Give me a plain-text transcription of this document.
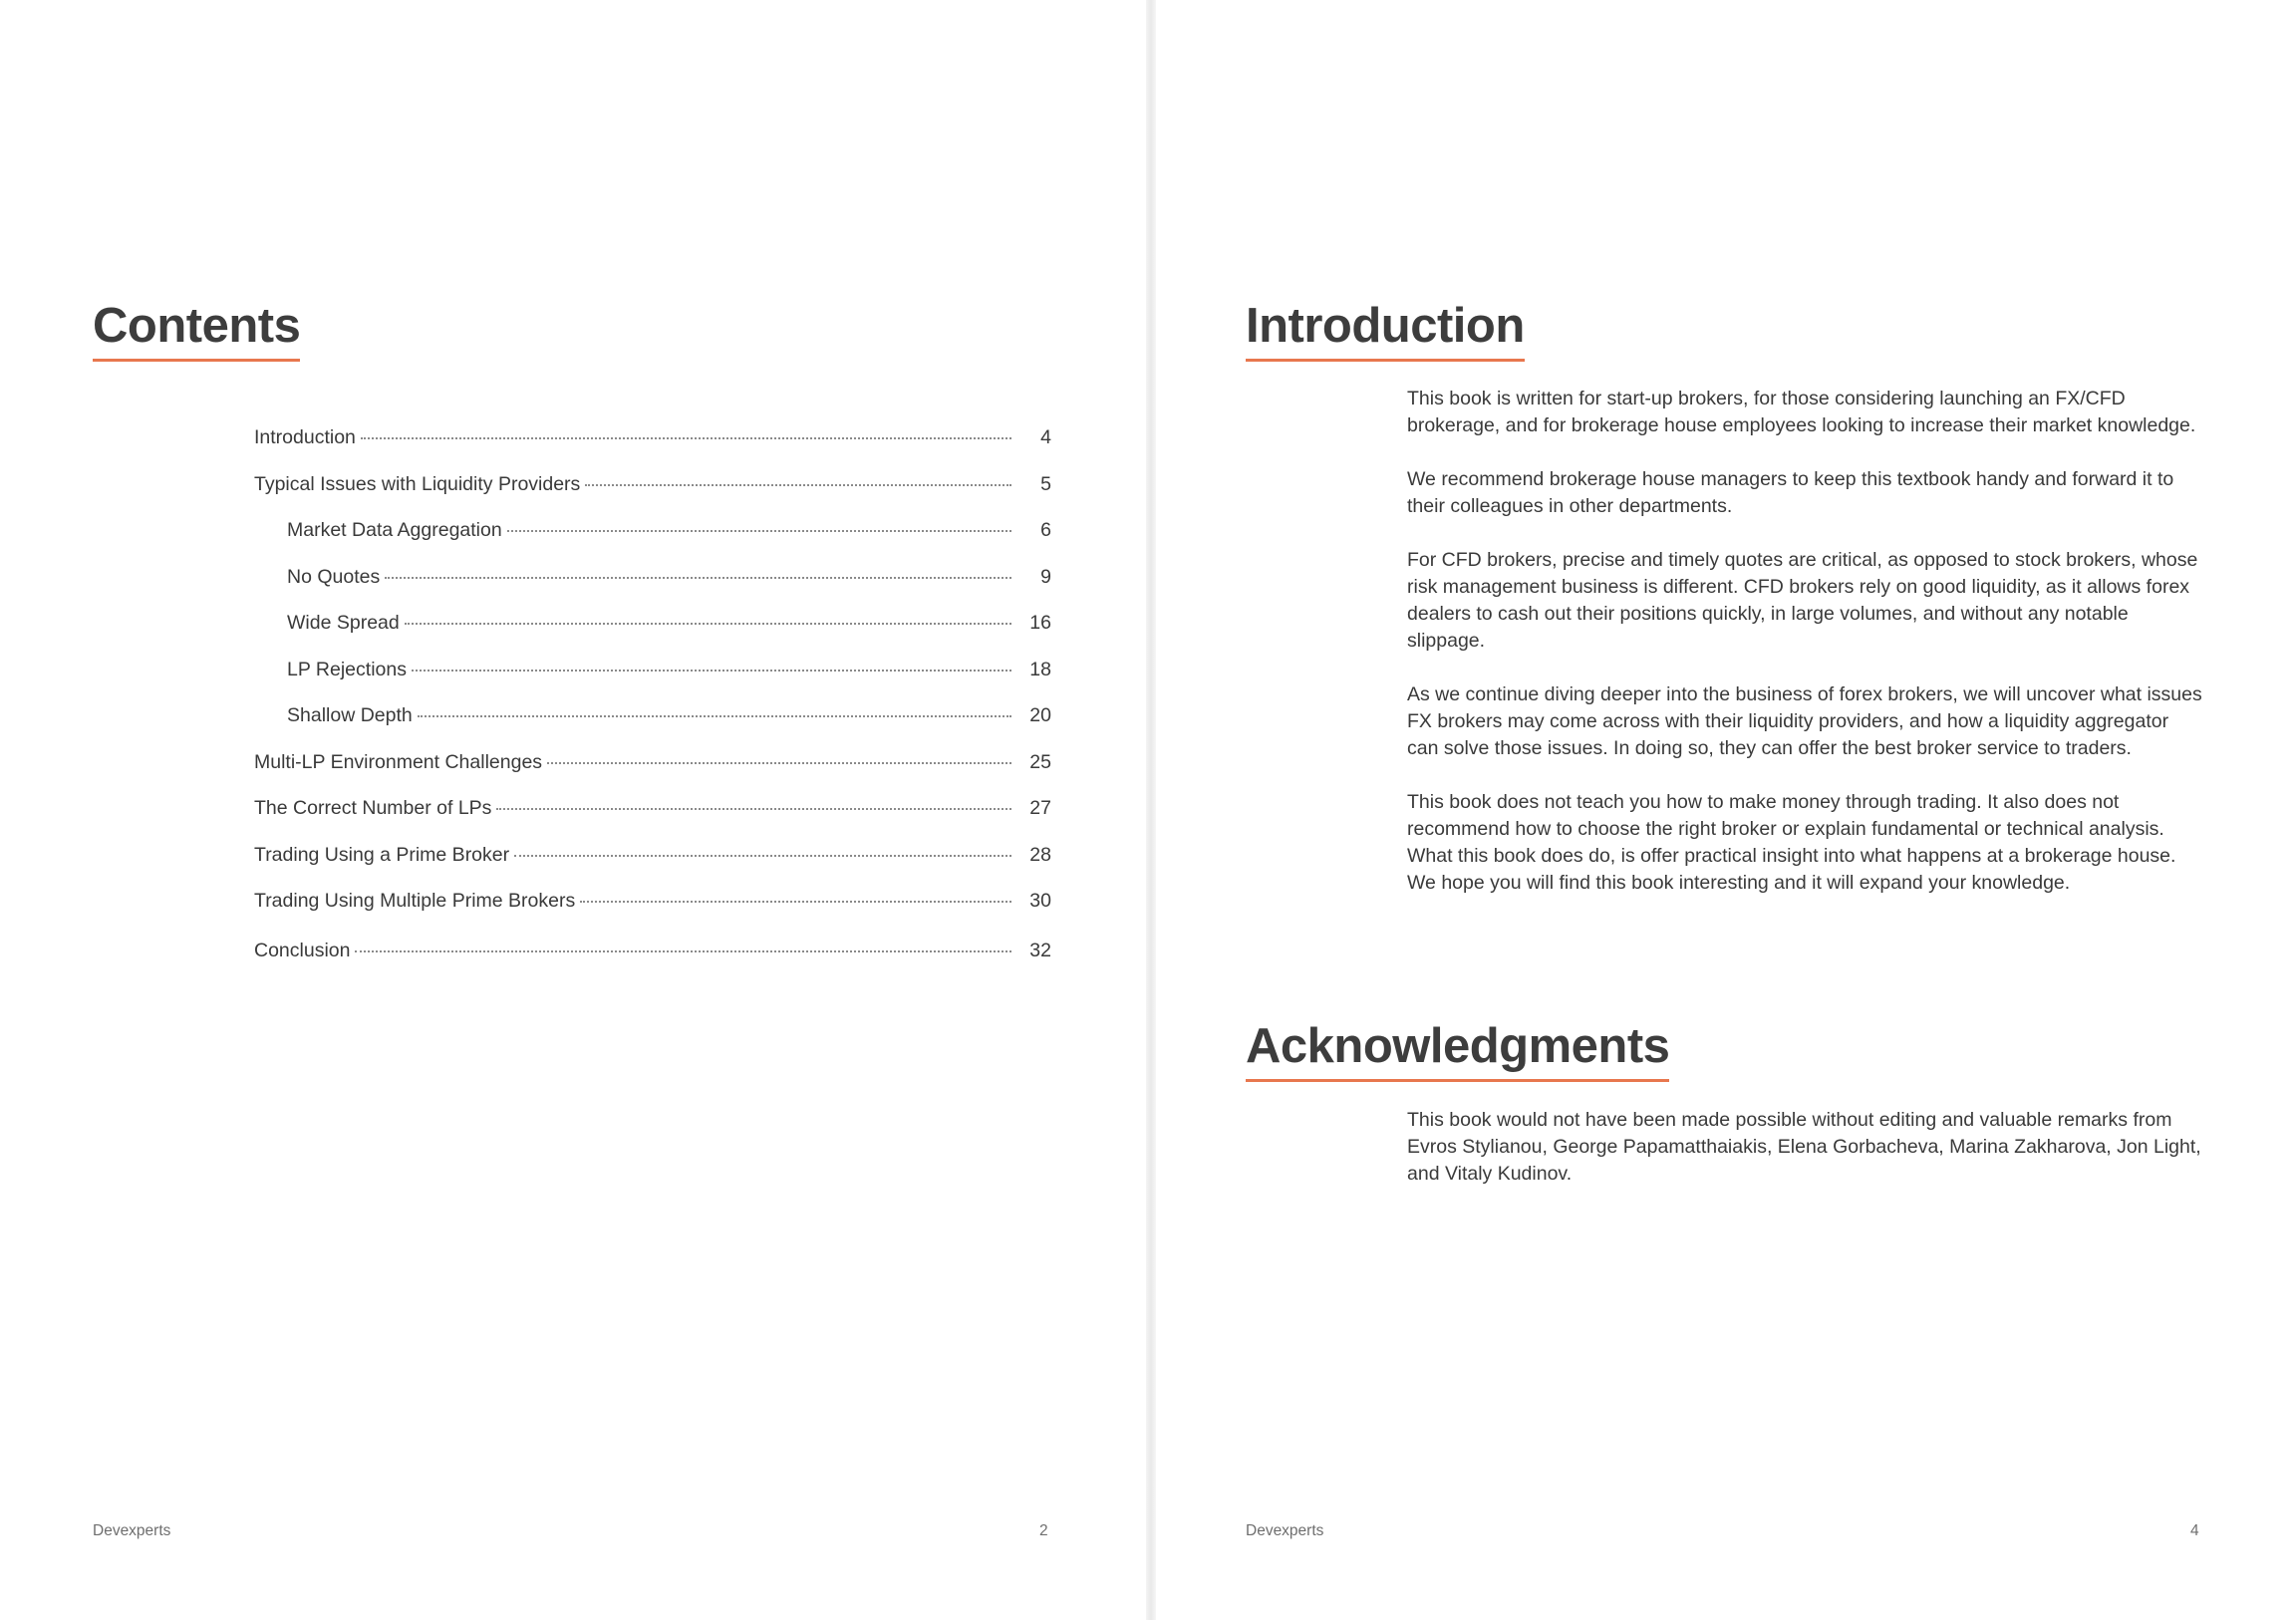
Contents
Introduction	4
Typical Issues with Liquidity Providers	5
Market Data Aggregation	6
No Quotes	9
Wide Spread	16
LP Rejections	18
Shallow Depth	20
Multi-LP Environment Challenges	25
The Correct Number of LPs	27
Trading Using a Prime Broker	28
Trading Using Multiple Prime Brokers	30
Conclusion	32
Devexperts	2
Introduction

This book is written for start-up brokers, for those considering launching an FX/CFD brokerage, and for brokerage house employees looking to increase their market knowledge.

We recommend brokerage house managers to keep this textbook handy and forward it to their colleagues in other departments.

For CFD brokers, precise and timely quotes are critical, as opposed to stock brokers, whose risk management business is different. CFD brokers rely on good liquidity, as it allows forex dealers to cash out their positions quickly, in large volumes, and without any notable slippage.

As we continue diving deeper into the business of forex brokers, we will uncover what issues FX brokers may come across with their liquidity providers, and how a liquidity aggregator can solve those issues. In doing so, they can offer the best broker service to traders.

This book does not teach you how to make money through trading. It also does not recommend how to choose the right broker or explain fundamental or technical analysis. What this book does do, is offer practical insight into what happens at a brokerage house. We hope you will find this book interesting and it will expand your knowledge.

Acknowledgments

This book would not have been made possible without editing and valuable remarks from Evros Stylianou, George Papamatthaiakis, Elena Gorbacheva, Marina Zakharova, Jon Light, and Vitaly Kudinov.

Devexperts	4
